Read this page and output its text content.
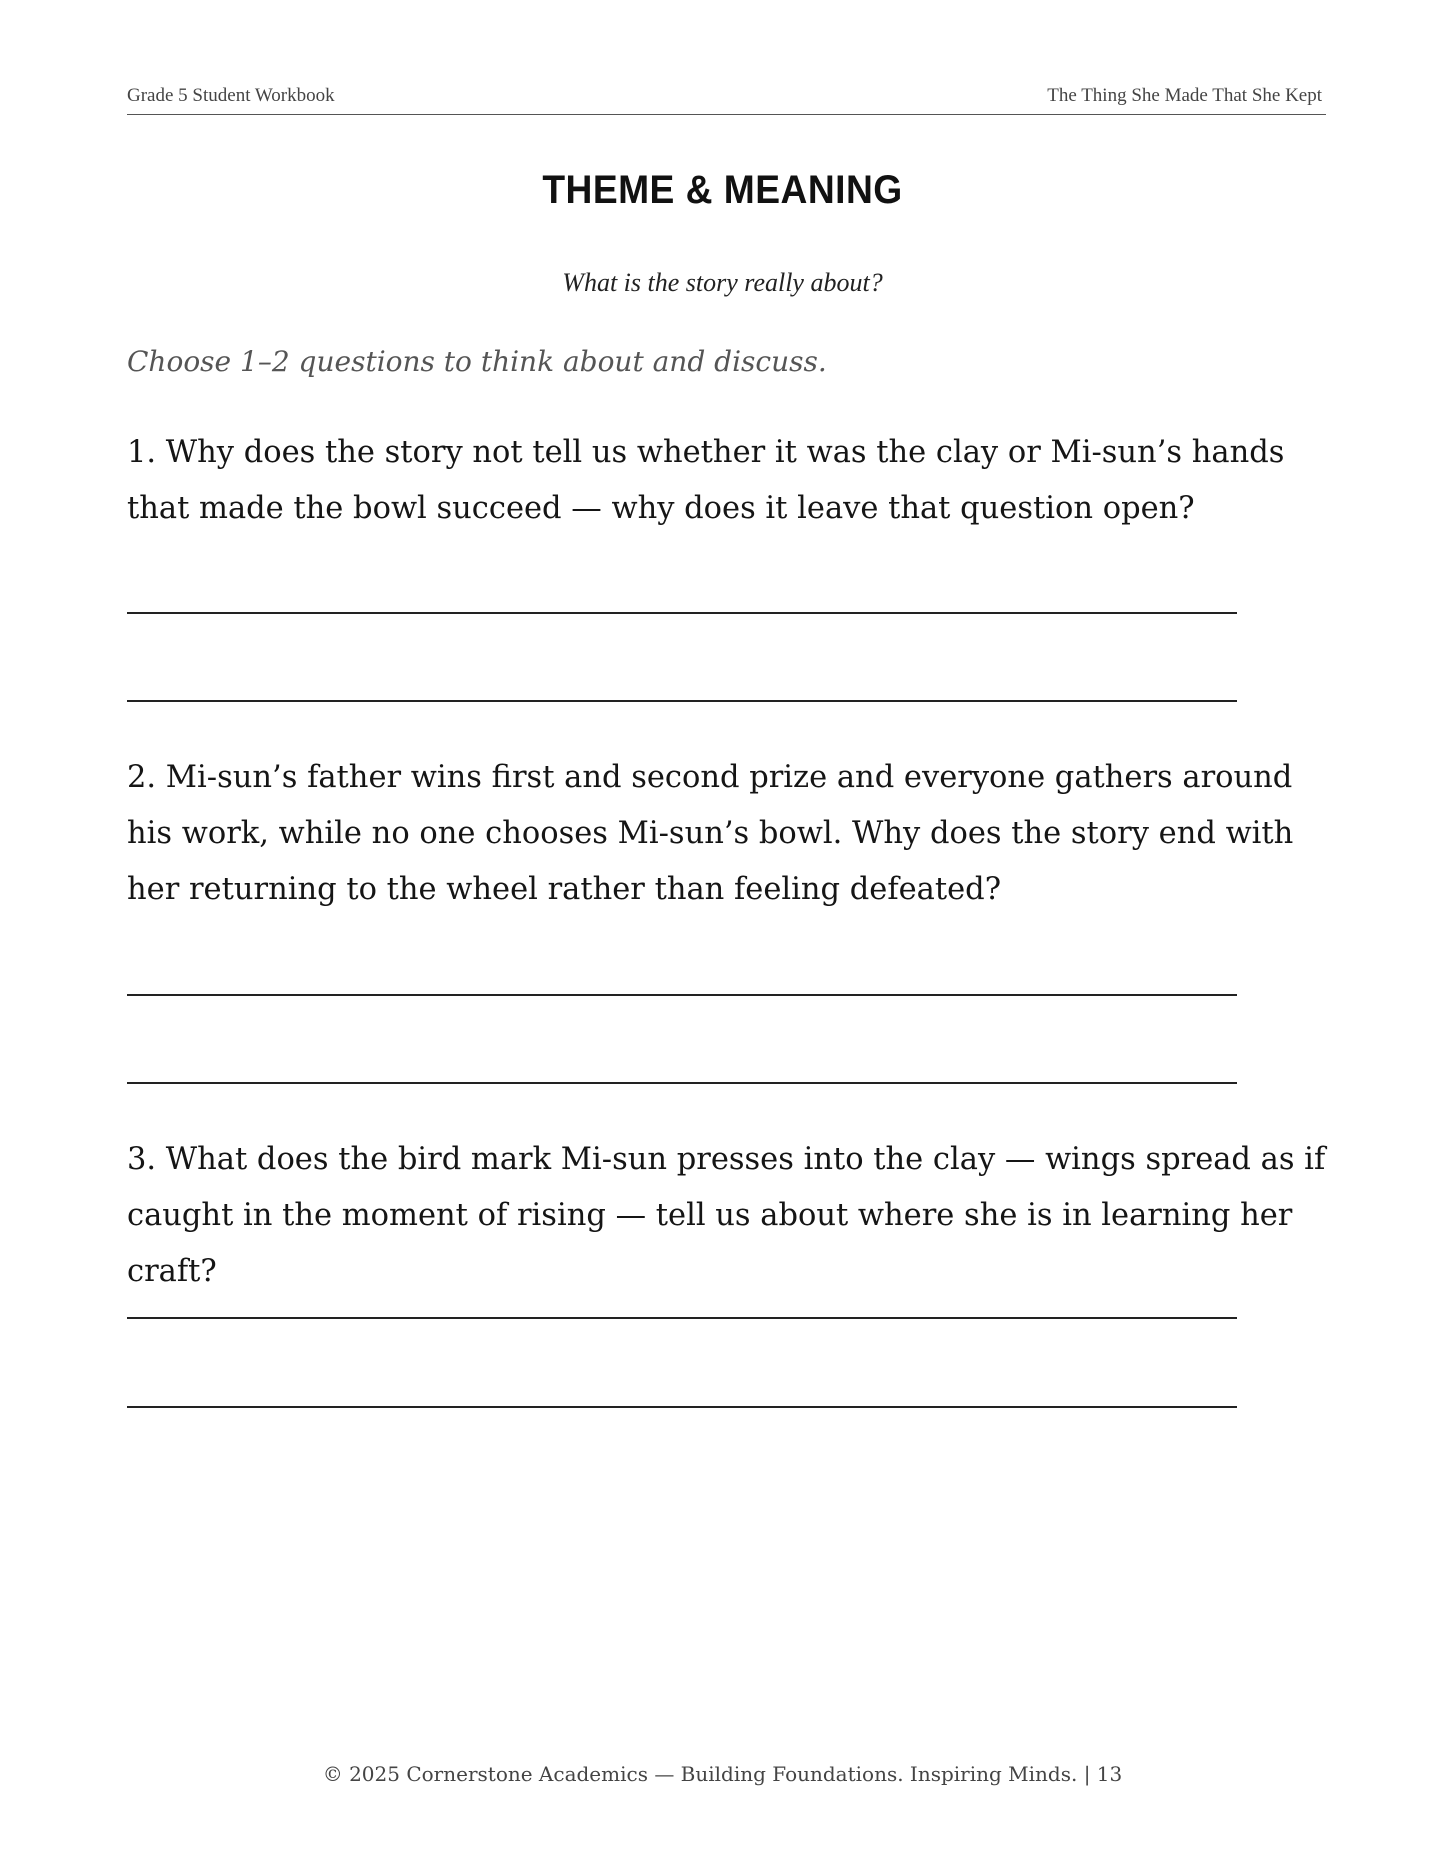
Grade 5 Student Workbook	The Thing She Made That She Kept
THEME & MEANING
What is the story really about?
Choose 1–2 questions to think about and discuss.
1. Why does the story not tell us whether it was the clay or Mi-sun’s hands that made the bowl succeed — why does it leave that question open?
2. Mi-sun’s father wins first and second prize and everyone gathers around his work, while no one chooses Mi-sun’s bowl. Why does the story end with her returning to the wheel rather than feeling defeated?
3. What does the bird mark Mi-sun presses into the clay — wings spread as if caught in the moment of rising — tell us about where she is in learning her craft?
© 2025 Cornerstone Academics — Building Foundations. Inspiring Minds. | 13
